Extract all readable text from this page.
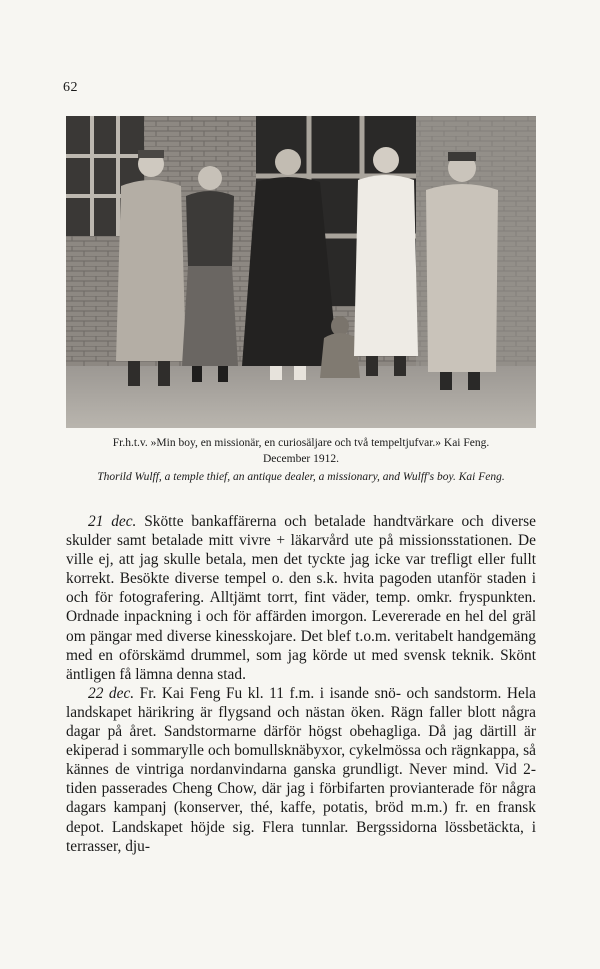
62
Fr.h.t.v. »Min boy, en missionär, en curiosäljare och två tempeltjufvar.» Kai Feng.
December 1912.
Thorild Wulff, a temple thief, an antique dealer, a missionary, and Wulff's boy. Kai Feng.

21 dec. Skötte bankaffärerna och betalade handtvärkare och diverse skulder samt betalade mitt vivre + läkarvård ute på missionsstationen. De ville ej, att jag skulle betala, men det tyckte jag icke var trefligt eller fullt korrekt. Besökte diverse tempel o. den s.k. hvita pagoden utanför staden i och för fotografering. Alltjämt torrt, fint väder, temp. omkr. fryspunkten. Ordnade inpackning i och för affärden imorgon. Levererade en hel del gräl om pängar med diverse kinesskojare. Det blef t.o.m. veritabelt handgemäng med en oförskämd drummel, som jag körde ut med svensk teknik. Skönt äntligen få lämna denna stad.

22 dec. Fr. Kai Feng Fu kl. 11 f.m. i isande snö- och sandstorm. Hela landskapet härikring är flygsand och nästan öken. Rägn faller blott några dagar på året. Sandstormarne därför högst obehagliga. Då jag därtill är ekiperad i sommarylle och bomullsknäbyxor, cykelmössa och rägnkappa, så kännes de vintriga nordanvindarna ganska grundligt. Never mind. Vid 2-tiden passerades Cheng Chow, där jag i förbifarten provianterade för några dagars kampanj (konserver, thé, kaffe, potatis, bröd m.m.) fr. en fransk depot. Landskapet höjde sig. Flera tunnlar. Bergssidorna lössbetäckta, i terrasser, dju-
